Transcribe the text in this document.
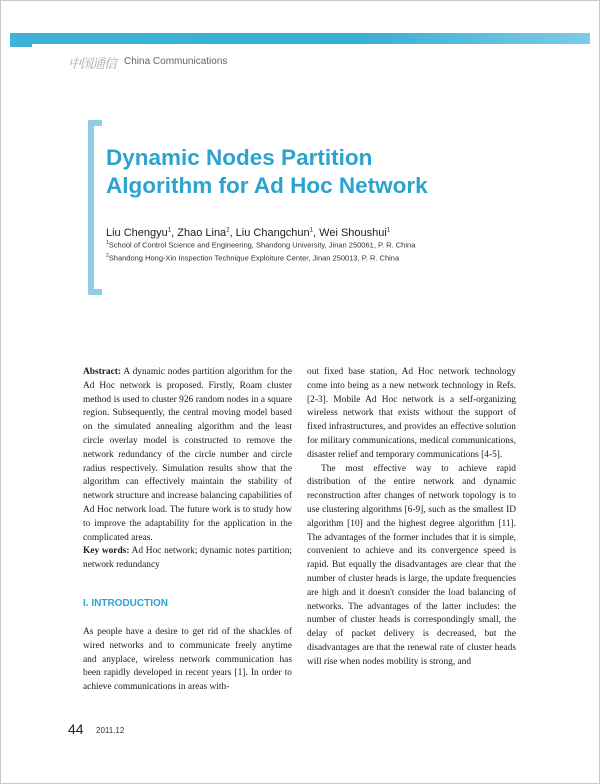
中国通信 China Communications
Dynamic Nodes Partition
Algorithm for Ad Hoc Network
Liu Chengyu$^1$, Zhao Lina$^2$, Liu Changchun$^1$, Wei Shoushui$^1$
$^1$School of Control Science and Engineering, Shandong University, Jinan 250061, P. R. China
$^2$Shandong Hong-Xin Inspection Technique Exploiture Center, Jinan 250013, P. R. China

Abstract: A dynamic nodes partition algorithm for the Ad Hoc network is proposed. Firstly, Roam cluster method is used to cluster 926 random nodes in a square region. Subsequently, the central moving model based on the simulated annealing algorithm and the least circle overlay model is constructed to remove the network redundancy of the circle number and circle radius respectively. Simulation results show that the algorithm can effectively maintain the stability of network structure and increase balancing capabilities of Ad Hoc network load. The future work is to study how to improve the adaptability for the application in the complicated areas.

Key words: Ad Hoc network; dynamic notes partition; network redundancy

I. INTRODUCTION

As people have a desire to get rid of the shackles of wired networks and to communicate freely anytime and anyplace, wireless network communication has been rapidly developed in recent years [1]. In order to achieve communications in areas with-

out fixed base station, Ad Hoc network technology come into being as a new network technology in Refs. [2-3]. Mobile Ad Hoc network is a self-organizing wireless network that exists without the support of fixed infrastructures, and provides an effective solution for military communications, medical communications, disaster relief and temporary communications [4-5].

The most effective way to achieve rapid distribution of the entire network and dynamic reconstruction after changes of network topology is to use clustering algorithms [6-9], such as the smallest ID algorithm [10] and the highest degree algorithm [11]. The advantages of the former includes that it is simple, convenient to achieve and its convergence speed is rapid. But equally the disadvantages are clear that the number of cluster heads is large, the update frequencies are high and it doesn't consider the load balancing of networks. The advantages of the latter includes: the number of cluster heads is correspondingly small, the delay of packet delivery is decreased, but the disadvantages are that the renewal rate of cluster heads will rise when nodes mobility is strong, and

44 2011.12
